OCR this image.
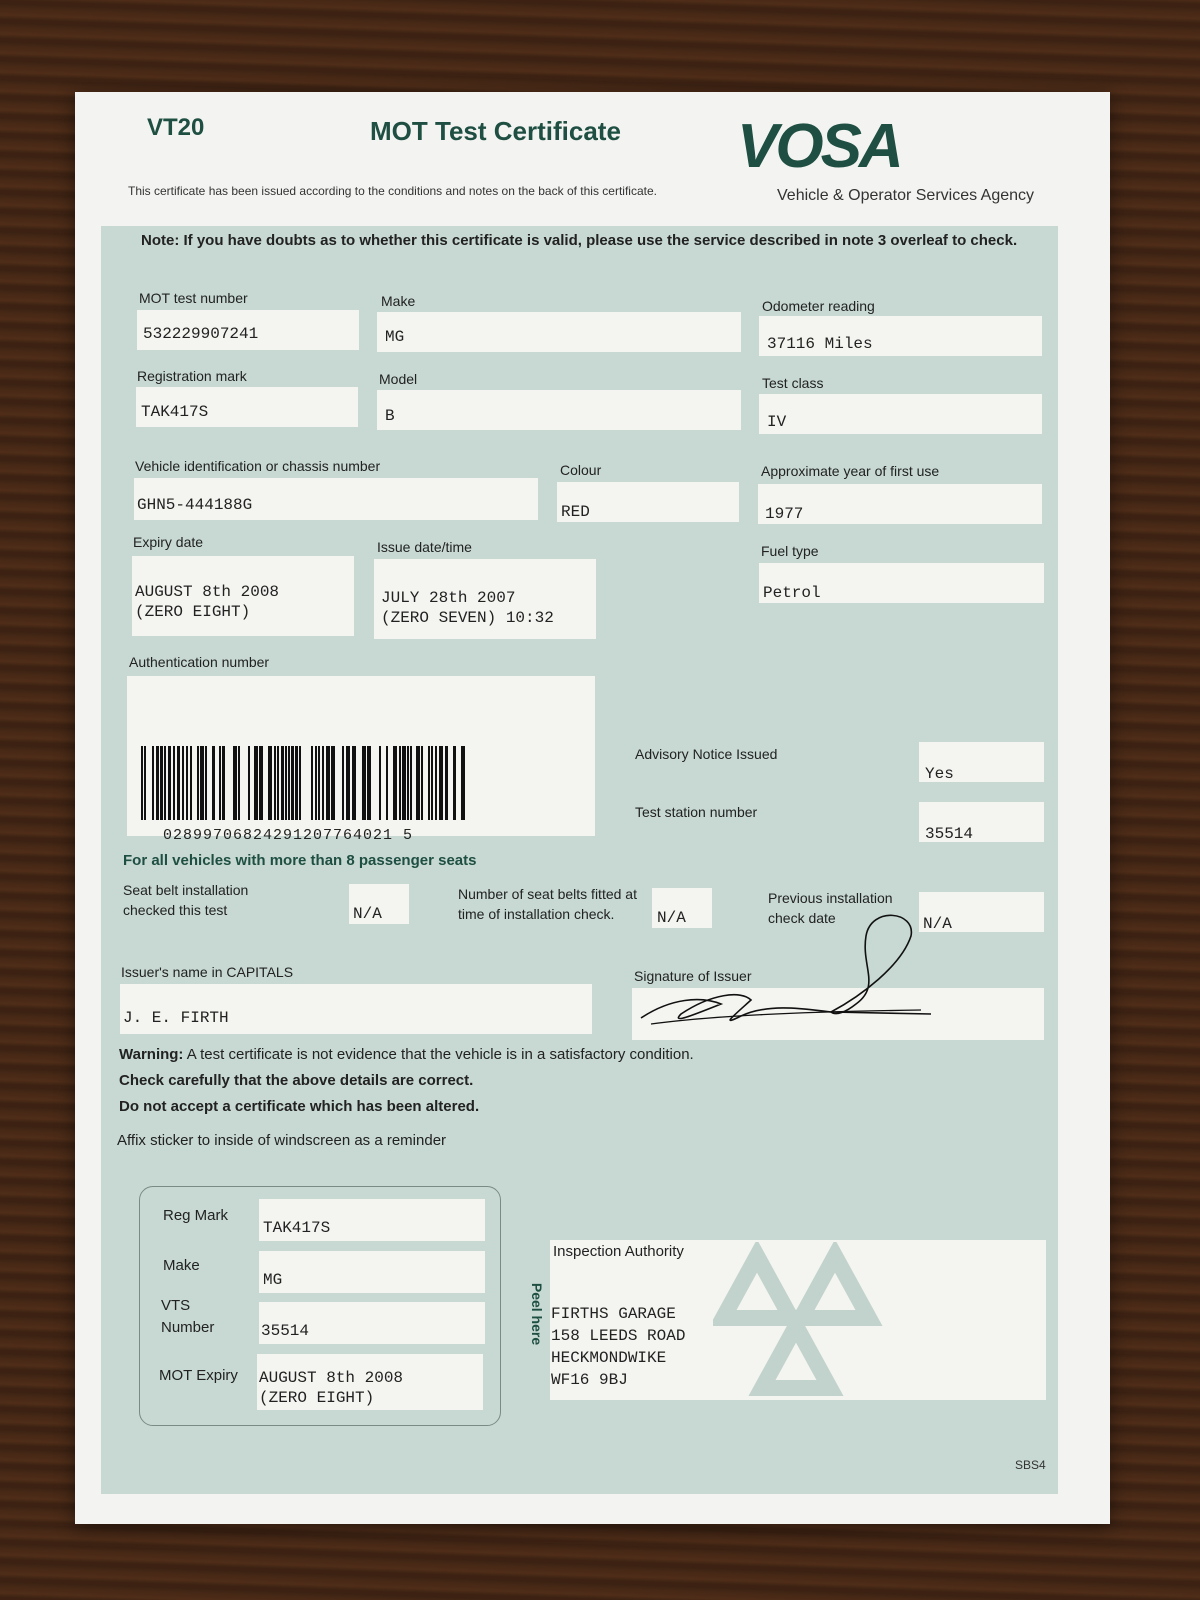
VT20	MOT Test Certificate VOSA
Vehicle & Operator Services Agency
This certificate has been issued according to the conditions and notes on the back of this certificate.
Note: If you have doubts as to whether this certificate is valid, please use the service described in note 3 overleaf to check.
MOT test number
532229907241
Make
MG
Odometer reading
37116 Miles
Registration mark
TAK417S
Model
B
Test class
IV
Vehicle identification or chassis number
GHN5-444188G
Colour
RED
Approximate year of first use
1977
Expiry date
AUGUST 8th 2008
(ZERO EIGHT)
Issue date/time
JULY 28th 2007
(ZERO SEVEN) 10:32
Fuel type
Petrol
Authentication number
02899706824291207764021 5
Advisory Notice Issued
Yes
Test station number
35514
For all vehicles with more than 8 passenger seats
Seat belt installation
checked this test	N/A
Number of seat belts fitted at
time of installation check.	N/A
Previous installation
check date	N/A
Issuer's name in CAPITALS
J. E. FIRTH
Signature of Issuer
Warning: A test certificate is not evidence that the vehicle is in a satisfactory condition.
Check carefully that the above details are correct.
Do not accept a certificate which has been altered.
Affix sticker to inside of windscreen as a reminder
Reg Mark
TAK417S
Make
MG
VTS
Number	35514
MOT Expiry AUGUST 8th 2008
(ZERO EIGHT)
Peel here
Inspection Authority
FIRTHS GARAGE
158 LEEDS ROAD
HECKMONDWIKE
WF16 9BJ
SBS4
